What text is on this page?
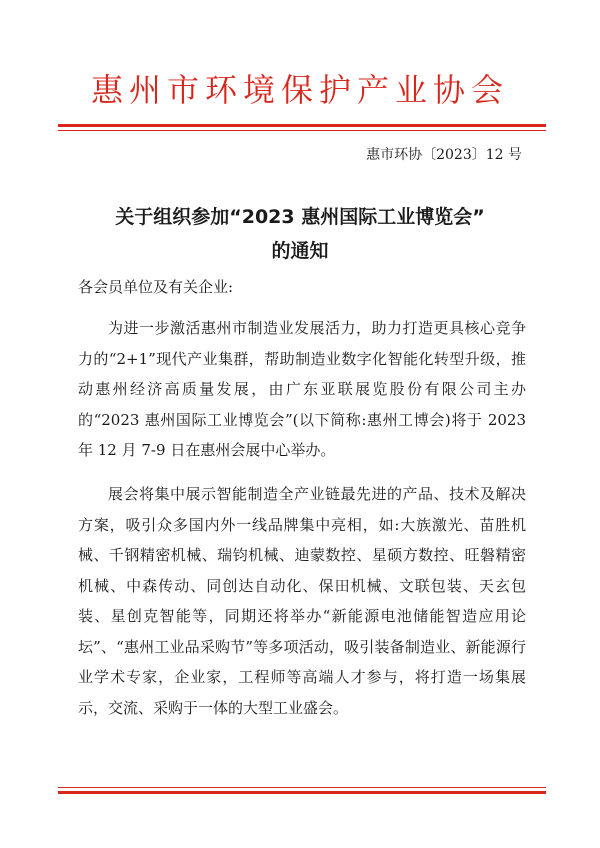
惠州市环境保护产业协会
惠市环协〔2023〕12 号
关于组织参加“2023 惠州国际工业博览会”
的通知
各会员单位及有关企业:

为进一步激活惠州市制造业发展活力，助力打造更具核心竞争力的“2+1”现代产业集群，帮助制造业数字化智能化转型升级，推动惠州经济高质量发展，由广东亚联展览股份有限公司主办的“2023 惠州国际工业博览会”(以下简称:惠州工博会)将于 2023 年 12 月 7-9 日在惠州会展中心举办。

展会将集中展示智能制造全产业链最先进的产品、技术及解决方案，吸引众多国内外一线品牌集中亮相，如:大族激光、苗胜机械、千钢精密机械、瑞钧机械、迪蒙数控、星硕方数控、旺磐精密机械、中森传动、同创达自动化、保田机械、文联包装、天玄包装、星创克智能等，同期还将举办“新能源电池储能智造应用论坛”、“惠州工业品采购节”等多项活动，吸引装备制造业、新能源行业学术专家，企业家，工程师等高端人才参与，将打造一场集展示，交流、采购于一体的大型工业盛会。
